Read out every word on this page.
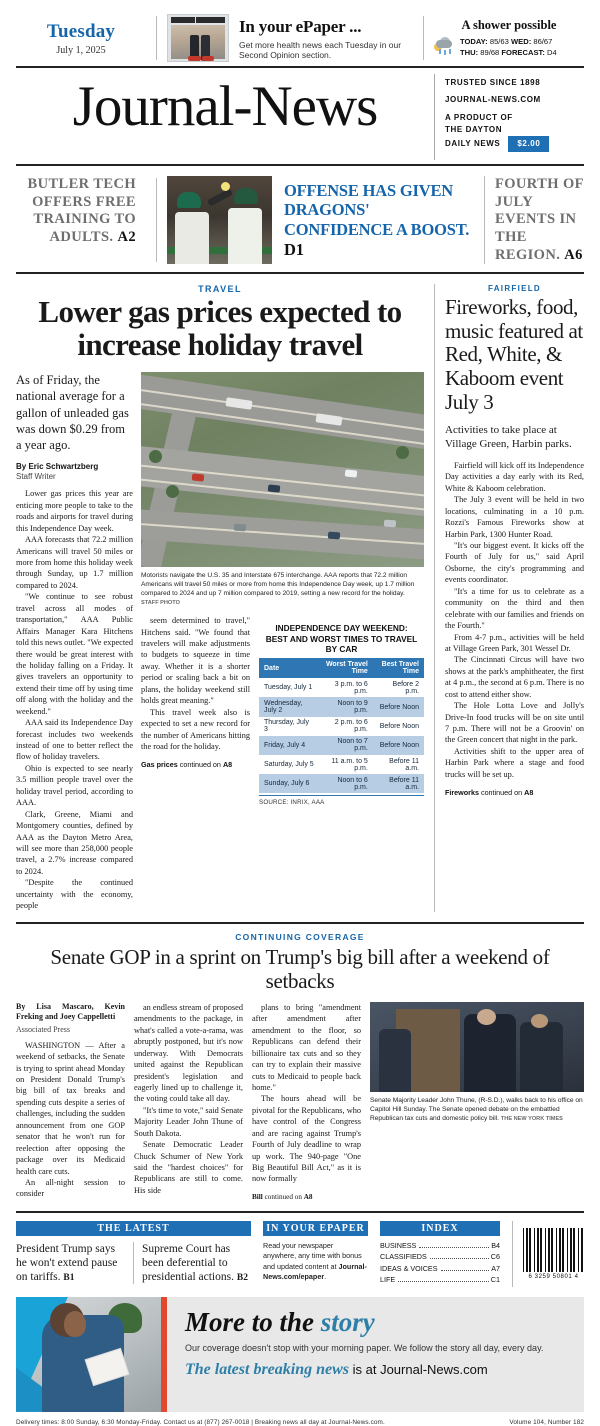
Tuesday
July 1, 2025
In your ePaper ...
Get more health news each Tuesday in our Second Opinion section.
A shower possible
TODAY: 85/63 WED: 86/67
THU: 89/68 FORECAST: D4
Journal-News	TRUSTED SINCE 1898
JOURNAL-NEWS.COM
A PRODUCT OF
THE DAYTON
DAILY NEWS	$2.00
BUTLER TECH OFFERS FREE TRAINING TO ADULTS. A2
OFFENSE HAS GIVEN DRAGONS' CONFIDENCE A BOOST. D1
FOURTH OF JULY EVENTS IN THE REGION. A6
TRAVEL
Lower gas prices expected to increase holiday travel
As of Friday, the national average for a gallon of unleaded gas was down $0.29 from a year ago.
By Eric Schwartzberg
Staff Writer

Lower gas prices this year are enticing more people to take to the roads and airports for travel during this Independence Day week.

AAA forecasts that 72.2 million Americans will travel 50 miles or more from home this holiday week through Sunday, up 1.7 million compared to 2024.

"We continue to see robust travel across all modes of transportation," AAA Public Affairs Manager Kara Hitchens told this news outlet. "We expected there would be great interest with the holiday falling on a Friday. It gives travelers an opportunity to extend their time off by using time off along with the holiday and the weekend."

AAA said its Independence Day forecast includes two weekends instead of one to better reflect the flow of holiday travelers.

Ohio is expected to see nearly 3.5 million people travel over the holiday travel period, according to AAA.

Clark, Greene, Miami and Montgomery counties, defined by AAA as the Dayton Metro Area, will see more than 258,000 people travel, a 2.7% increase compared to 2024.

"Despite the continued uncertainty with the economy, people

Motorists navigate the U.S. 35 and Interstate 675 interchange. AAA reports that 72.2 million Americans will travel 50 miles or more from home this Independence Day week, up 1.7 million compared to 2024 and up 7 million compared to 2019, setting a new record for the holiday. STAFF PHOTO

seem determined to travel," Hitchens said. "We found that travelers will make adjustments to budgets to squeeze in time away. Whether it is a shorter period or scaling back a bit on plans, the holiday weekend still holds great meaning."

This travel week also is expected to set a new record for the number of Americans hitting the road for the holiday.

Gas prices continued on A8
INDEPENDENCE DAY WEEKEND:
BEST AND WORST TIMES TO TRAVEL BY CAR
Date	Worst Travel Time	Best Travel Time
Tuesday, July 1	3 p.m. to 6 p.m.	Before 2 p.m.
Wednesday, July 2	Noon to 9 p.m.	Before Noon
Thursday, July 3	2 p.m. to 6 p.m.	Before Noon
Friday, July 4	Noon to 7 p.m.	Before Noon
Saturday, July 5	11 a.m. to 5 p.m.	Before 11 a.m.
Sunday, July 6	Noon to 6 p.m.	Before 11 a.m.
SOURCE: INRIX, AAA
FAIRFIELD
Fireworks, food, music featured at Red, White, & Kaboom event July 3
Activities to take place at Village Green, Harbin parks.

Fairfield will kick off its Independence Day activities a day early with its Red, White & Kaboom celebration.

The July 3 event will be held in two locations, culminating in a 10 p.m. Rozzi's Famous Fireworks show at Harbin Park, 1300 Hunter Road.

"It's our biggest event. It kicks off the Fourth of July for us," said April Osborne, the city's programming and events coordinator.

"It's a time for us to celebrate as a community on the third and then celebrate with our families and friends on the Fourth."

From 4-7 p.m., activities will be held at Village Green Park, 301 Wessel Dr.

The Cincinnati Circus will have two shows at the park's amphitheater, the first at 4 p.m., the second at 6 p.m. There is no cost to attend either show.

The Hole Lotta Love and Jolly's Drive-In food trucks will be on site until 7 p.m. There will not be a Groovin' on the Green concert that night in the park.

Activities shift to the upper area of Harbin Park where a stage and food trucks will be set up.

Fireworks continued on A8
CONTINUING COVERAGE
Senate GOP in a sprint on Trump's big bill after a weekend of setbacks
By Lisa Mascaro, Kevin Freking and Joey Cappelletti
Associated Press

WASHINGTON — After a weekend of setbacks, the Senate is trying to sprint ahead Monday on President Donald Trump's big bill of tax breaks and spending cuts despite a series of challenges, including the sudden announcement from one GOP senator that he won't run for reelection after opposing the package over its Medicaid health care cuts.

An all-night session to consider

an endless stream of proposed amendments to the package, in what's called a vote-a-rama, was abruptly postponed, but it's now underway. With Democrats united against the Republican president's legislation and eagerly lined up to challenge it, the voting could take all day.

"It's time to vote," said Senate Majority Leader John Thune of South Dakota.

Senate Democratic Leader Chuck Schumer of New York said the "hardest choices" for Republicans are still to come. His side

plans to bring "amendment after amendment after amendment to the floor, so Republicans can defend their billionaire tax cuts and so they can try to explain their massive cuts to Medicaid to people back home."

The hours ahead will be pivotal for the Republicans, who have control of the Congress and are racing against Trump's Fourth of July deadline to wrap up work. The 940-page "One Big Beautiful Bill Act," as it is now formally

Bill continued on A8
Senate Majority Leader John Thune, (R-S.D.), walks back to his office on Capitol Hill Sunday. The Senate opened debate on the embattled Republican tax cuts and domestic policy bill. THE NEW YORK TIMES
THE LATEST
President Trump says he won't extend pause on tariffs. B1
Supreme Court has been deferential to presidential actions. B2
IN YOUR EPAPER
Read your newspaper anywhere, any time with bonus and updated content at Journal-News.com/epaper.
INDEX
BUSINESS	B4
CLASSIFIEDS	C6
IDEAS & VOICES	A7
LIFE	C1	6 3259 50801 4
More to the story
Our coverage doesn't stop with your morning paper. We follow the story all day, every day.
The latest breaking news is at Journal-News.com
Delivery times: 8:00 Sunday, 6:30 Monday-Friday. Contact us at (877) 267-0018 | Breaking news all day at Journal-News.com.	Volume 104, Number 182
